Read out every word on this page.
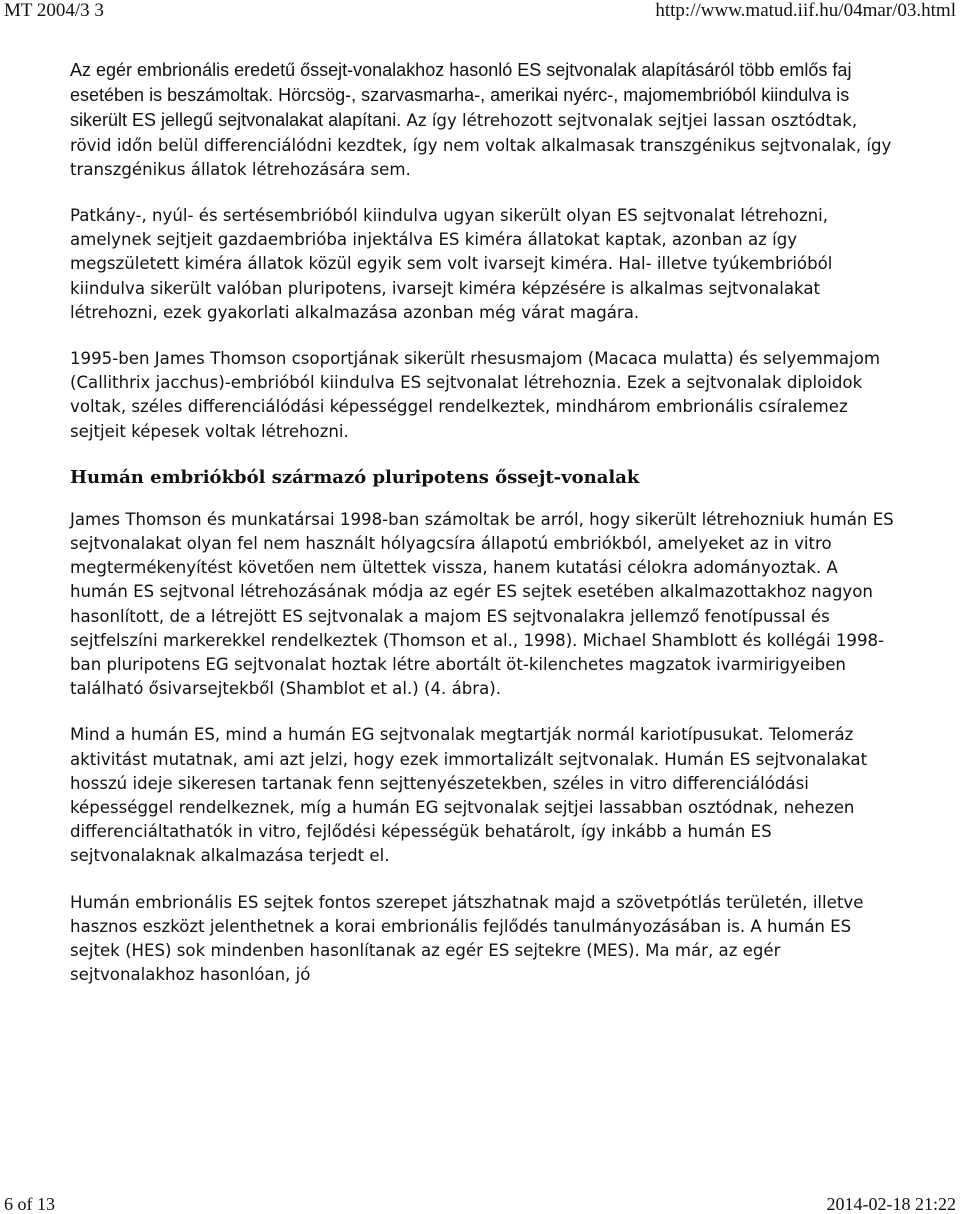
MT 2004/3 3	http://www.matud.iif.hu/04mar/03.html

Az egér embrionális eredetű őssejt-vonalakhoz hasonló ES sejtvonalak alapításáról több emlős faj esetében is beszámoltak. Hörcsög-, szarvasmarha-, amerikai nyérc-, majomembrióból kiindulva is sikerült ES jellegű sejtvonalakat alapítani. Az így létrehozott sejtvonalak sejtjei lassan osztódtak, rövid időn belül differenciálódni kezdtek, így nem voltak alkalmasak transzgénikus sejtvonalak, így transzgénikus állatok létrehozására sem.

Patkány-, nyúl- és sertésembrióból kiindulva ugyan sikerült olyan ES sejtvonalat létrehozni, amelynek sejtjeit gazdaembrióba injektálva ES kiméra állatokat kaptak, azonban az így megszületett kiméra állatok közül egyik sem volt ivarsejt kiméra. Hal- illetve tyúkembrióból kiindulva sikerült valóban pluripotens, ivarsejt kiméra képzésére is alkalmas sejtvonalakat létrehozni, ezek gyakorlati alkalmazása azonban még várat magára.

1995-ben James Thomson csoportjának sikerült rhesusmajom (Macaca mulatta) és selyemmajom (Callithrix jacchus)-embrióból kiindulva ES sejtvonalat létrehoznia. Ezek a sejtvonalak diploidok voltak, széles differenciálódási képességgel rendelkeztek, mindhárom embrionális csíralemez sejtjeit képesek voltak létrehozni.

Humán embriókból származó pluripotens őssejt-vonalak

James Thomson és munkatársai 1998-ban számoltak be arról, hogy sikerült létrehozniuk humán ES sejtvonalakat olyan fel nem használt hólyagcsíra állapotú embriókból, amelyeket az in vitro megtermékenyítést követően nem ültettek vissza, hanem kutatási célokra adományoztak. A humán ES sejtvonal létrehozásának módja az egér ES sejtek esetében alkalmazottakhoz nagyon hasonlított, de a létrejött ES sejtvonalak a majom ES sejtvonalakra jellemző fenotípussal és sejtfelszíni markerekkel rendelkeztek (Thomson et al., 1998). Michael Shamblott és kollégái 1998-ban pluripotens EG sejtvonalat hoztak létre abortált öt-kilenchetes magzatok ivarmirigyeiben található ősivarsejtekből (Shamblot et al.) (4. ábra).

Mind a humán ES, mind a humán EG sejtvonalak megtartják normál kariotípusukat. Telomeráz aktivitást mutatnak, ami azt jelzi, hogy ezek immortalizált sejtvonalak. Humán ES sejtvonalakat hosszú ideje sikeresen tartanak fenn sejttenyészetekben, széles in vitro differenciálódási képességgel rendelkeznek, míg a humán EG sejtvonalak sejtjei lassabban osztódnak, nehezen differenciáltathatók in vitro, fejlődési képességük behatárolt, így inkább a humán ES sejtvonalaknak alkalmazása terjedt el.

Humán embrionális ES sejtek fontos szerepet játszhatnak majd a szövetpótlás területén, illetve hasznos eszközt jelenthetnek a korai embrionális fejlődés tanulmányozásában is. A humán ES sejtek (HES) sok mindenben hasonlítanak az egér ES sejtekre (MES). Ma már, az egér sejtvonalakhoz hasonlóan, jó

6 of 13	2014-02-18 21:22
